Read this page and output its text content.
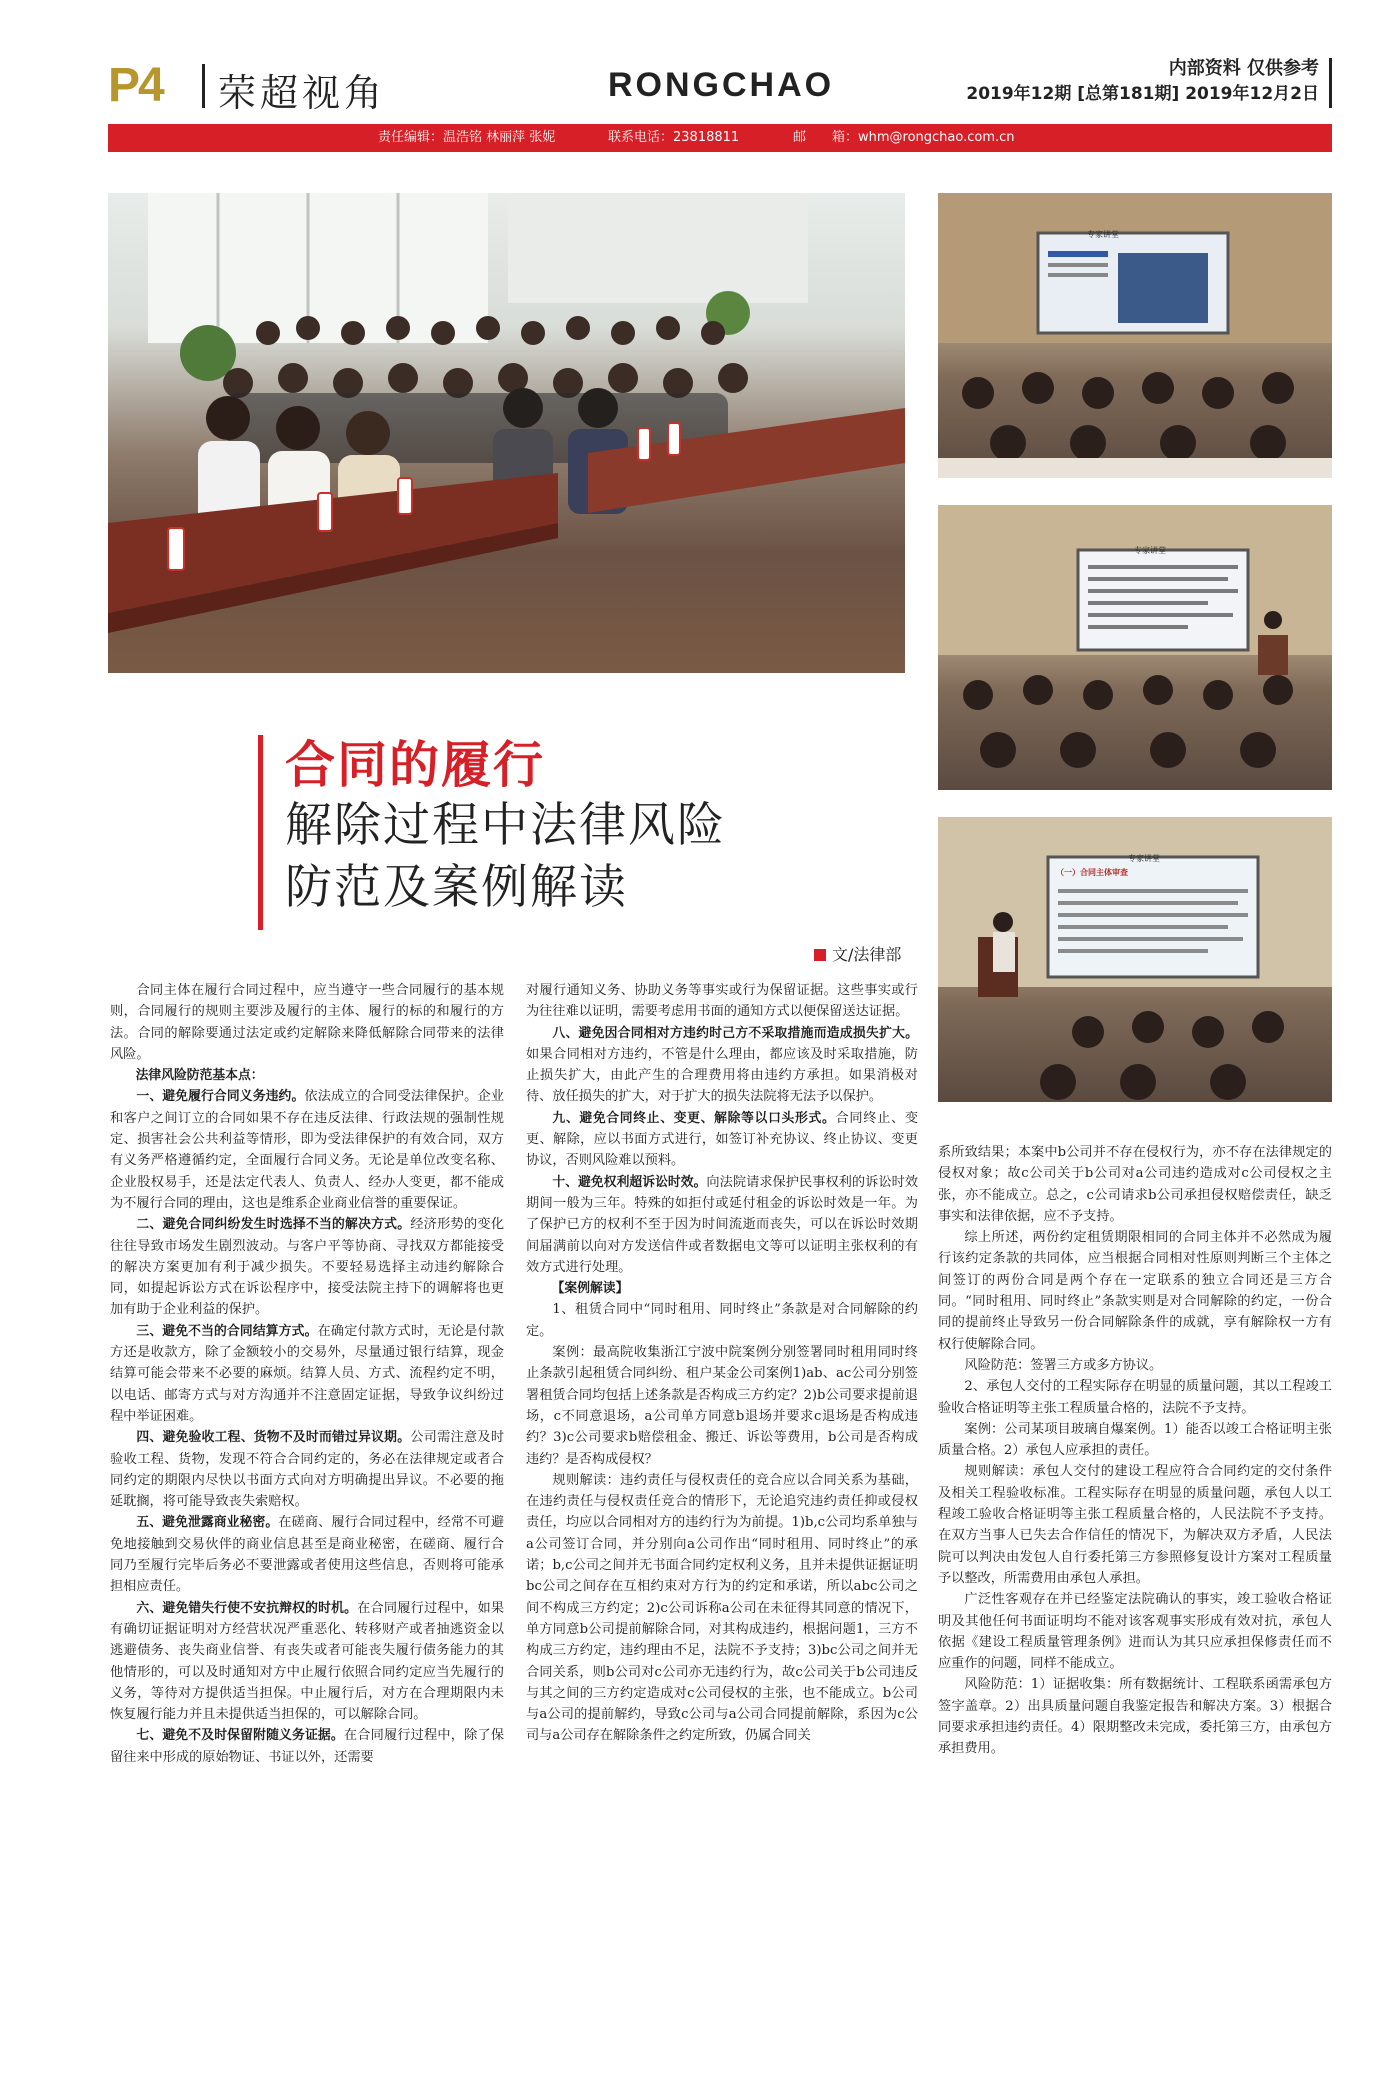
P4 荣超视角	RONGCHAO	内部资料 仅供参考
2019年12期 [总第181期] 2019年12月2日
责任编辑：温浩铭 林丽萍 张妮	联系电话：23818811	邮　　箱：whm@rongchao.com.cn
专家讲堂
专家讲堂
专家讲堂
（一）合同主体审查
合同的履行
解除过程中法律风险
防范及案例解读
文/法律部

合同主体在履行合同过程中，应当遵守一些合同履行的基本规则，合同履行的规则主要涉及履行的主体、履行的标的和履行的方法。合同的解除要通过法定或约定解除来降低解除合同带来的法律风险。

法律风险防范基本点：

一、避免履行合同义务违约。依法成立的合同受法律保护。企业和客户之间订立的合同如果不存在违反法律、行政法规的强制性规定、损害社会公共利益等情形，即为受法律保护的有效合同，双方有义务严格遵循约定，全面履行合同义务。无论是单位改变名称、企业股权易手，还是法定代表人、负责人、经办人变更，都不能成为不履行合同的理由，这也是维系企业商业信誉的重要保证。

二、避免合同纠纷发生时选择不当的解决方式。经济形势的变化往往导致市场发生剧烈波动。与客户平等协商、寻找双方都能接受的解决方案更加有利于减少损失。不要轻易选择主动违约解除合同，如提起诉讼方式在诉讼程序中，接受法院主持下的调解将也更加有助于企业利益的保护。

三、避免不当的合同结算方式。在确定付款方式时，无论是付款方还是收款方，除了金额较小的交易外，尽量通过银行结算，现金结算可能会带来不必要的麻烦。结算人员、方式、流程约定不明，以电话、邮寄方式与对方沟通并不注意固定证据，导致争议纠纷过程中举证困难。

四、避免验收工程、货物不及时而错过异议期。公司需注意及时验收工程、货物，发现不符合合同约定的，务必在法律规定或者合同约定的期限内尽快以书面方式向对方明确提出异议。不必要的拖延耽搁，将可能导致丧失索赔权。

五、避免泄露商业秘密。在磋商、履行合同过程中，经常不可避免地接触到交易伙伴的商业信息甚至是商业秘密，在磋商、履行合同乃至履行完毕后务必不要泄露或者使用这些信息，否则将可能承担相应责任。

六、避免错失行使不安抗辩权的时机。在合同履行过程中，如果有确切证据证明对方经营状况严重恶化、转移财产或者抽逃资金以逃避债务、丧失商业信誉、有丧失或者可能丧失履行债务能力的其他情形的，可以及时通知对方中止履行依照合同约定应当先履行的义务，等待对方提供适当担保。中止履行后，对方在合理期限内未恢复履行能力并且未提供适当担保的，可以解除合同。

七、避免不及时保留附随义务证据。在合同履行过程中，除了保留往来中形成的原始物证、书证以外，还需要

对履行通知义务、协助义务等事实或行为保留证据。这些事实或行为往往难以证明，需要考虑用书面的通知方式以便保留送达证据。

八、避免因合同相对方违约时己方不采取措施而造成损失扩大。如果合同相对方违约，不管是什么理由，都应该及时采取措施，防止损失扩大，由此产生的合理费用将由违约方承担。如果消极对待、放任损失的扩大，对于扩大的损失法院将无法予以保护。

九、避免合同终止、变更、解除等以口头形式。合同终止、变更、解除，应以书面方式进行，如签订补充协议、终止协议、变更协议，否则风险难以预料。

十、避免权利超诉讼时效。向法院请求保护民事权利的诉讼时效期间一般为三年。特殊的如拒付或延付租金的诉讼时效是一年。为了保护已方的权利不至于因为时间流逝而丧失，可以在诉讼时效期间届满前以向对方发送信件或者数据电文等可以证明主张权利的有效方式进行处理。

【案例解读】

1、租赁合同中“同时租用、同时终止”条款是对合同解除的约定。

案例：最高院收集浙江宁波中院案例分别签署同时租用同时终止条款引起租赁合同纠纷、租户某金公司案例1)ab、ac公司分别签署租赁合同均包括上述条款是否构成三方约定？2)b公司要求提前退场，c不同意退场，a公司单方同意b退场并要求c退场是否构成违约？3)c公司要求b赔偿租金、搬迁、诉讼等费用，b公司是否构成违约？是否构成侵权？

规则解读：违约责任与侵权责任的竞合应以合同关系为基础，在违约责任与侵权责任竞合的情形下，无论追究违约责任抑或侵权责任，均应以合同相对方的违约行为为前提。1)b,c公司均系单独与a公司签订合同，并分别向a公司作出“同时租用、同时终止”的承诺；b,c公司之间并无书面合同约定权利义务，且并未提供证据证明bc公司之间存在互相约束对方行为的约定和承诺，所以abc公司之间不构成三方约定；2)c公司诉称a公司在未征得其同意的情况下，单方同意b公司提前解除合同，对其构成违约，根据问题1，三方不构成三方约定，违约理由不足，法院不予支持；3)bc公司之间并无合同关系，则b公司对c公司亦无违约行为，故c公司关于b公司违反与其之间的三方约定造成对c公司侵权的主张，也不能成立。b公司与a公司的提前解约，导致c公司与a公司合同提前解除，系因为c公司与a公司存在解除条件之约定所致，仍属合同关

系所致结果；本案中b公司并不存在侵权行为，亦不存在法律规定的侵权对象；故c公司关于b公司对a公司违约造成对c公司侵权之主张，亦不能成立。总之，c公司请求b公司承担侵权赔偿责任，缺乏事实和法律依据，应不予支持。

综上所述，两份约定租赁期限相同的合同主体并不必然成为履行该约定条款的共同体，应当根据合同相对性原则判断三个主体之间签订的两份合同是两个存在一定联系的独立合同还是三方合同。“同时租用、同时终止”条款实则是对合同解除的约定，一份合同的提前终止导致另一份合同解除条件的成就，享有解除权一方有权行使解除合同。

风险防范：签署三方或多方协议。

2、承包人交付的工程实际存在明显的质量问题，其以工程竣工验收合格证明等主张工程质量合格的，法院不予支持。

案例：公司某项目玻璃自爆案例。1）能否以竣工合格证明主张质量合格。2）承包人应承担的责任。

规则解读：承包人交付的建设工程应符合合同约定的交付条件及相关工程验收标准。工程实际存在明显的质量问题，承包人以工程竣工验收合格证明等主张工程质量合格的，人民法院不予支持。在双方当事人已失去合作信任的情况下，为解决双方矛盾，人民法院可以判决由发包人自行委托第三方参照修复设计方案对工程质量予以整改，所需费用由承包人承担。

广泛性客观存在并已经鉴定法院确认的事实，竣工验收合格证明及其他任何书面证明均不能对该客观事实形成有效对抗，承包人依据《建设工程质量管理条例》进而认为其只应承担保修责任而不应重作的问题，同样不能成立。

风险防范：1）证据收集：所有数据统计、工程联系函需承包方签字盖章。2）出具质量问题自我鉴定报告和解决方案。3）根据合同要求承担违约责任。4）限期整改未完成，委托第三方，由承包方承担费用。
